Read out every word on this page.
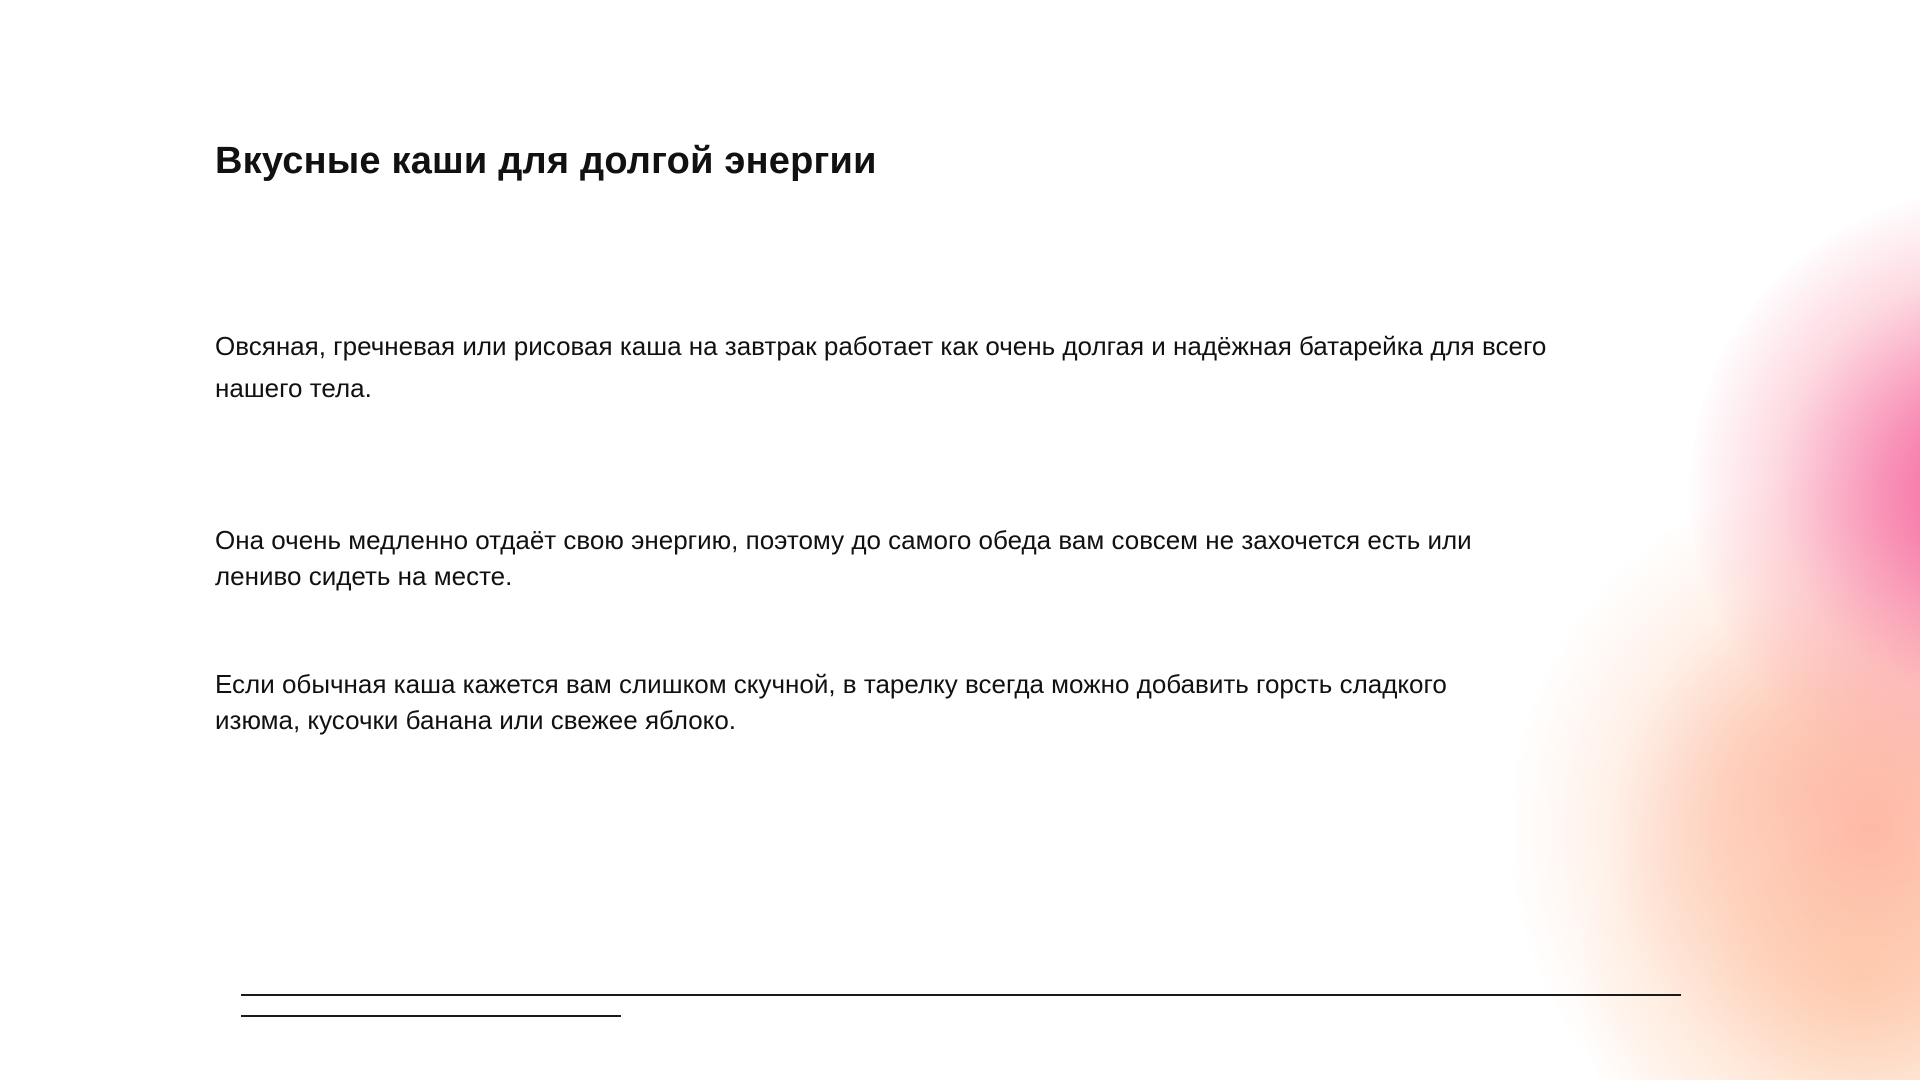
Вкусные каши для долгой энергии

Овсяная, гречневая или рисовая каша на завтрак работает как очень долгая и надёжная батарейка для всего нашего тела.

Она очень медленно отдаёт свою энергию, поэтому до самого обеда вам совсем не захочется есть или лениво сидеть на месте.

Если обычная каша кажется вам слишком скучной, в тарелку всегда можно добавить горсть сладкого изюма, кусочки банана или свежее яблоко.
